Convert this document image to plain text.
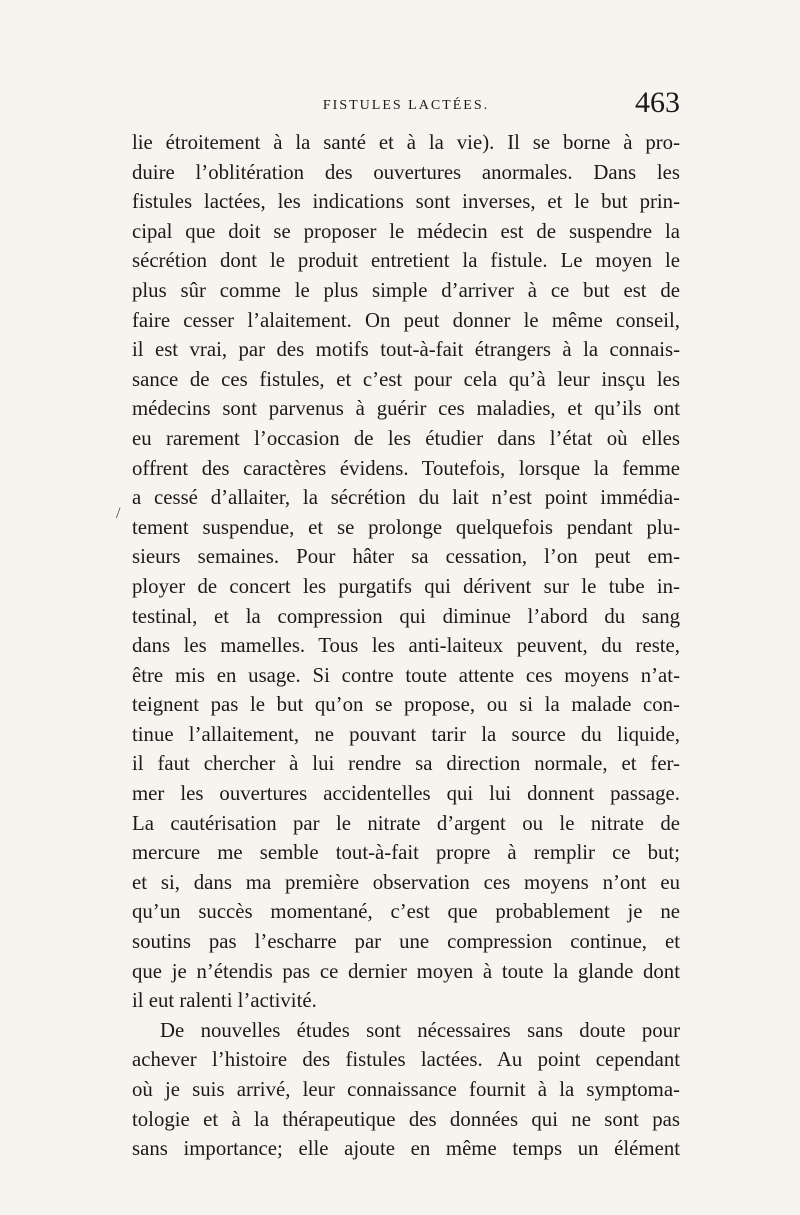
FISTULES LACTÉES.	463
/
lie étroitement à la santé et à la vie). Il se borne à pro-
duire l’oblitération des ouvertures anormales. Dans les
fistules lactées, les indications sont inverses, et le but prin-
cipal que doit se proposer le médecin est de suspendre la
sécrétion dont le produit entretient la fistule. Le moyen le
plus sûr comme le plus simple d’arriver à ce but est de
faire cesser l’alaitement. On peut donner le même conseil,
il est vrai, par des motifs tout-à-fait étrangers à la connais-
sance de ces fistules, et c’est pour cela qu’à leur insçu les
médecins sont parvenus à guérir ces maladies, et qu’ils ont
eu rarement l’occasion de les étudier dans l’état où elles
offrent des caractères évidens. Toutefois, lorsque la femme
a cessé d’allaiter, la sécrétion du lait n’est point immédia-
tement suspendue, et se prolonge quelquefois pendant plu-
sieurs semaines. Pour hâter sa cessation, l’on peut em-
ployer de concert les purgatifs qui dérivent sur le tube in-
testinal, et la compression qui diminue l’abord du sang
dans les mamelles. Tous les anti-laiteux peuvent, du reste,
être mis en usage. Si contre toute attente ces moyens n’at-
teignent pas le but qu’on se propose, ou si la malade con-
tinue l’allaitement, ne pouvant tarir la source du liquide,
il faut chercher à lui rendre sa direction normale, et fer-
mer les ouvertures accidentelles qui lui donnent passage.
La cautérisation par le nitrate d’argent ou le nitrate de
mercure me semble tout-à-fait propre à remplir ce but;
et si, dans ma première observation ces moyens n’ont eu
qu’un succès momentané, c’est que probablement je ne
soutins pas l’escharre par une compression continue, et
que je n’étendis pas ce dernier moyen à toute la glande dont
il eut ralenti l’activité.
De nouvelles études sont nécessaires sans doute pour
achever l’histoire des fistules lactées. Au point cependant
où je suis arrivé, leur connaissance fournit à la symptoma-
tologie et à la thérapeutique des données qui ne sont pas
sans importance; elle ajoute en même temps un élément
